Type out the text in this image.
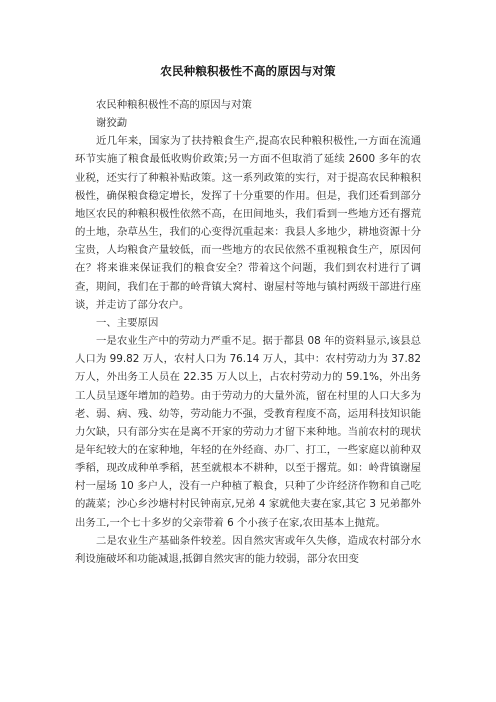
农民种粮积极性不高的原因与对策

农民种粮积极性不高的原因与对策

谢狡勐

近几年来，国家为了扶持粮食生产,提高农民种粮积极性,一方面在流通环节实施了粮食最低收购价政策;另一方面不但取消了延续 2600 多年的农业税，还实行了种粮补贴政策。这一系列政策的实行，对于提高农民种粮积极性，确保粮食稳定增长，发挥了十分重要的作用。但是，我们还看到部分地区农民的种粮积极性依然不高，在田间地头，我们看到一些地方还有撂荒的土地，杂草丛生，我们的心变得沉重起来：我县人多地少，耕地资源十分宝贵，人均粮食产量较低，而一些地方的农民依然不重视粮食生产，原因何在？将来谁来保证我们的粮食安全？带着这个问题，我们到农村进行了调查，期间，我们在于都的岭背镇大窝村、谢屋村等地与镇村两级干部进行座谈，并走访了部分农户。

一、主要原因

一是农业生产中的劳动力严重不足。据于都县 08 年的资料显示,该县总人口为 99.82 万人，农村人口为 76.14 万人，其中：农村劳动力为 37.82 万人，外出务工人员在 22.35 万人以上，占农村劳动力的 59.1%，外出务工人员呈逐年增加的趋势。由于劳动力的大量外流，留在村里的人口大多为老、弱、病、残、幼等，劳动能力不强，受教育程度不高，运用科技知识能力欠缺，只有部分实在是离不开家的劳动力才留下来种地。当前农村的现状是年纪较大的在家种地，年轻的在外经商、办厂、打工，一些家庭以前种双季稻，现改成种单季稻，甚至就根本不耕种，以至于撂荒。如：岭背镇谢屋村一屋场 10 多户人，没有一户种植了粮食，只种了少许经济作物和自己吃的蔬菜；沙心乡沙塘村村民钟南京,兄弟 4 家就他夫妻在家,其它 3 兄弟都外出务工,一个七十多岁的父亲带着 6 个小孩子在家,农田基本上抛荒。

二是农业生产基础条件较差。因自然灾害或年久失修，造成农村部分水利设施破坏和功能减退,抵御自然灾害的能力较弱，部分农田变
